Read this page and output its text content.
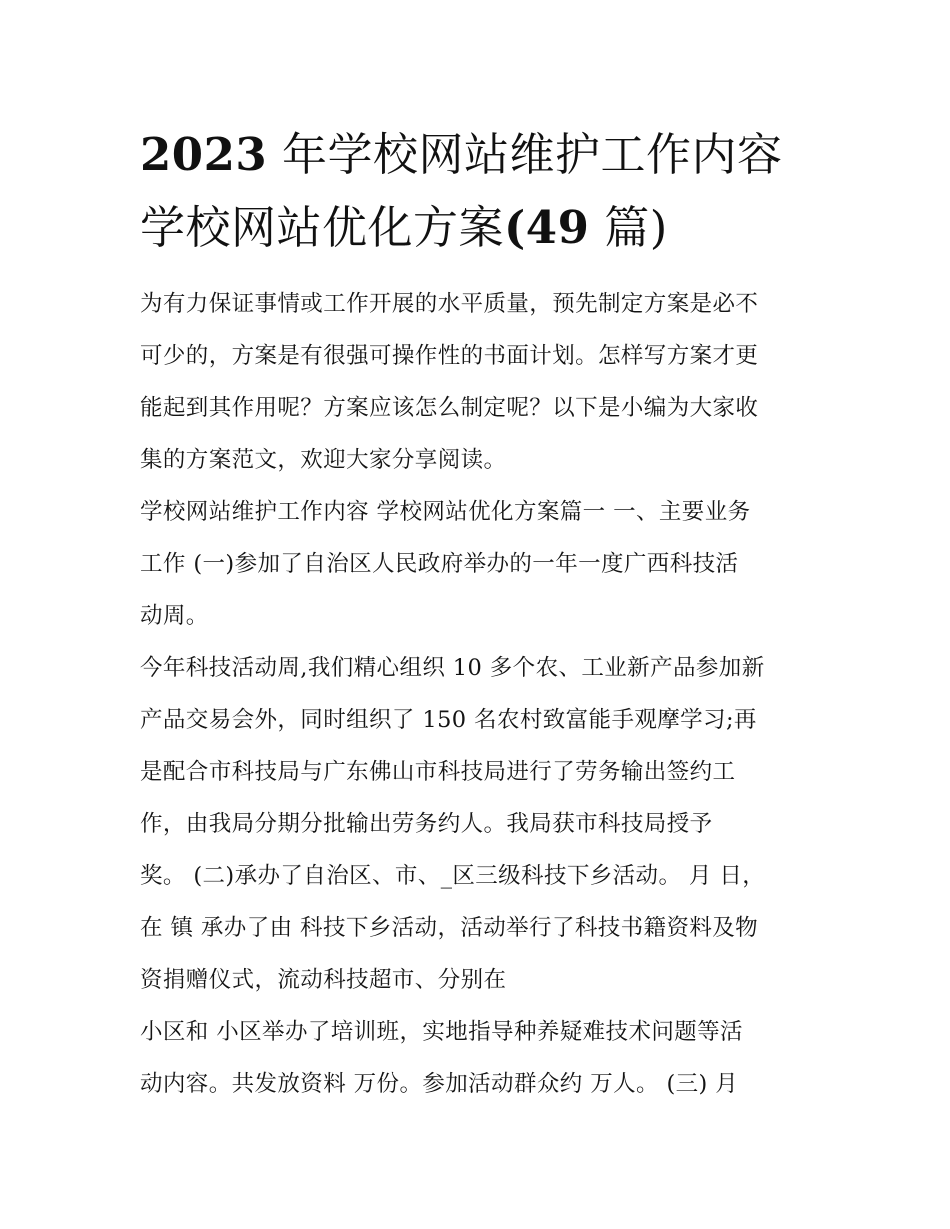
2023 年学校网站维护工作内容
学校网站优化方案(49 篇)
为有力保证事情或工作开展的水平质量，预先制定方案是必不
可少的，方案是有很强可操作性的书面计划。怎样写方案才更
能起到其作用呢？方案应该怎么制定呢？以下是小编为大家收
集的方案范文，欢迎大家分享阅读。
学校网站维护工作内容 学校网站优化方案篇一 一、主要业务
工作 (一)参加了自治区人民政府举办的一年一度广西科技活
动周。
今年科技活动周,我们精心组织 10 多个农、工业新产品参加新
产品交易会外，同时组织了 150 名农村致富能手观摩学习;再
是配合市科技局与广东佛山市科技局进行了劳务输出签约工
作，由我局分期分批输出劳务约人。我局获市科技局授予
奖。 (二)承办了自治区、市、_区三级科技下乡活动。 月 日，
在 镇 承办了由 科技下乡活动，活动举行了科技书籍资料及物
资捐赠仪式，流动科技超市、分别在
小区和 小区举办了培训班，实地指导种养疑难技术问题等活
动内容。共发放资料 万份。参加活动群众约 万人。 (三) 月
